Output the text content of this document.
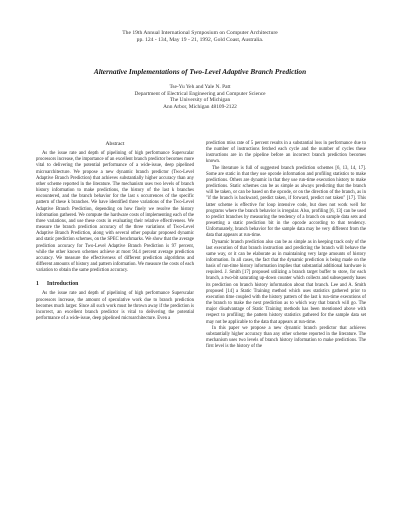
The 19th Annual International Symposium on Computer Architecture
pp. 124 - 134, May 19 - 21, 1992, Gold Coast, Australia.
Alternative Implementations of Two-Level Adaptive Branch Prediction
Tse-Yu Yeh and Yale N. Patt
Department of Electrical Engineering and Computer Science
The University of Michigan
Ann Arbor, Michigan 48109-2122
Abstract

As the issue rate and depth of pipelining of high performance Superscalar processors increase, the importance of an excellent branch predictor becomes more vital to delivering the potential performance of a wide-issue, deep pipelined microarchitecture. We propose a new dynamic branch predictor (Two-Level Adaptive Branch Prediction) that achieves substantially higher accuracy than any other scheme reported in the literature. The mechanism uses two levels of branch history information to make predictions, the history of the last k branches encountered, and the branch behavior for the last s occurrences of the specific pattern of these k branches. We have identified three variations of the Two-Level Adaptive Branch Prediction, depending on how finely we resolve the history information gathered. We compute the hardware costs of implementing each of the three variations, and use these costs in evaluating their relative effectiveness. We measure the branch prediction accuracy of the three variations of Two-Level Adaptive Branch Prediction, along with several other popular proposed dynamic and static prediction schemes, on the SPEC benchmarks. We show that the average prediction accuracy for Two-Level Adaptive Branch Prediction is 97 percent, while the other known schemes achieve at most 94.4 percent average prediction accuracy. We measure the effectiveness of different prediction algorithms and different amounts of history and pattern information. We measure the costs of each variation to obtain the same prediction accuracy.

1 Introduction

As the issue rate and depth of pipelining of high performance Superscalar processors increase, the amount of speculative work due to branch prediction becomes much larger. Since all such work must be thrown away if the prediction is incorrect, an excellent branch predictor is vital to delivering the potential performance of a wide-issue, deep pipelined microarchitecture. Even a

prediction miss rate of 5 percent results in a substantial loss in performance due to the number of instructions fetched each cycle and the number of cycles these instructions are in the pipeline before an incorrect branch prediction becomes known.

The literature is full of suggested branch prediction schemes [6, 13, 14, 17]. Some are static in that they use opcode information and profiling statistics to make predictions. Others are dynamic in that they use run-time execution history to make predictions. Static schemes can be as simple as always predicting that the branch will be taken, or can be based on the opcode, or on the direction of the branch, as in "if the branch is backward, predict taken, if forward, predict not taken" [17]. This latter scheme is effective for loop intensive code, but does not work well for programs where the branch behavior is irregular. Also, profiling [6, 13] can be used to predict branches by measuring the tendency of a branch on sample data sets and presetting a static prediction bit in the opcode according to that tendency. Unfortunately, branch behavior for the sample data may be very different from the data that appears at run-time.

Dynamic branch prediction also can be as simple as in keeping track only of the last execution of that branch instruction and predicting the branch will behave the same way, or it can be elaborate as in maintaining very large amounts of history information. In all cases, the fact that the dynamic prediction is being made on the basis of run-time history information implies that substantial additional hardware is required. J. Smith [17] proposed utilizing a branch target buffer to store, for each branch, a two-bit saturating up-down counter which collects and subsequently bases its prediction on branch history information about that branch. Lee and A. Smith proposed [14] a Static Training method which uses statistics gathered prior to execution time coupled with the history pattern of the last k run-time executions of the branch to make the next prediction as to which way that branch will go. The major disadvantage of Static Training methods has been mentioned above with respect to profiling; the pattern history statistics gathered for the sample data set may not be applicable to the data that appears at run-time.

In this paper we propose a new dynamic branch predictor that achieves substantially higher accuracy than any other scheme reported in the literature. The mechanism uses two levels of branch history information to make predictions. The first level is the history of the
